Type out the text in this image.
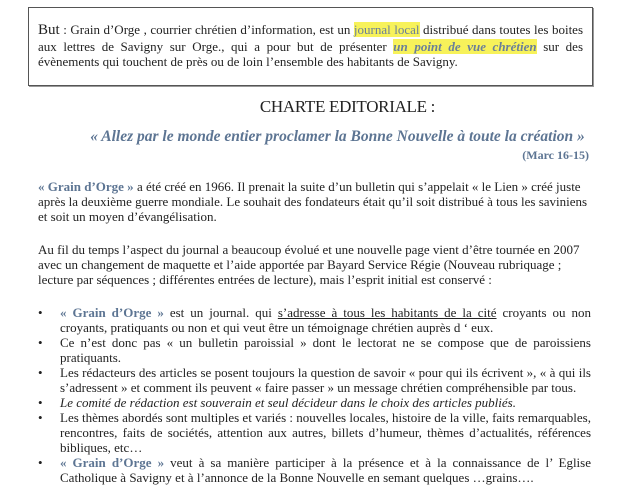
But : Grain d’Orge , courrier chrétien d’information, est un journal local distribué dans toutes les boites aux lettres de Savigny sur Orge., qui a pour but de présenter un point de vue chrétien sur des évènements qui touchent de près ou de loin l’ensemble des habitants de Savigny.
CHARTE EDITORIALE :
« Allez par le monde entier proclamer la Bonne Nouvelle à toute la création »
(Marc 16-15)
« Grain d’Orge » a été créé en 1966. Il prenait la suite d’un bulletin qui s’appelait « le Lien » créé juste après la deuxième guerre mondiale. Le souhait des fondateurs était qu’il soit distribué à tous les saviniens et soit un moyen d’évangélisation.
Au fil du temps l’aspect du journal a beaucoup évolué et une nouvelle page vient d’être tournée en 2007 avec un changement de maquette et l’aide apportée par Bayard Service Régie (Nouveau rubriquage ; lecture par séquences ; différentes entrées de lecture), mais l’esprit initial est conservé :
• « Grain d’Orge » est un journal. qui s’adresse à tous les habitants de la cité croyants ou non croyants, pratiquants ou non et qui veut être un témoignage chrétien auprès d ‘ eux.
• Ce n’est donc pas « un bulletin paroissial » dont le lectorat ne se compose que de paroissiens pratiquants.
• Les rédacteurs des articles se posent toujours la question de savoir « pour qui ils écrivent », « à qui ils s’adressent » et comment ils peuvent « faire passer » un message chrétien compréhensible par tous.
• Le comité de rédaction est souverain et seul décideur dans le choix des articles publiés.
• Les thèmes abordés sont multiples et variés : nouvelles locales, histoire de la ville, faits remarquables, rencontres, faits de sociétés, attention aux autres, billets d’humeur, thèmes d’actualités, références bibliques, etc…
• « Grain d’Orge » veut à sa manière participer à la présence et à la connaissance de l’ Eglise Catholique à Savigny et à l’annonce de la Bonne Nouvelle en semant quelques …grains….
